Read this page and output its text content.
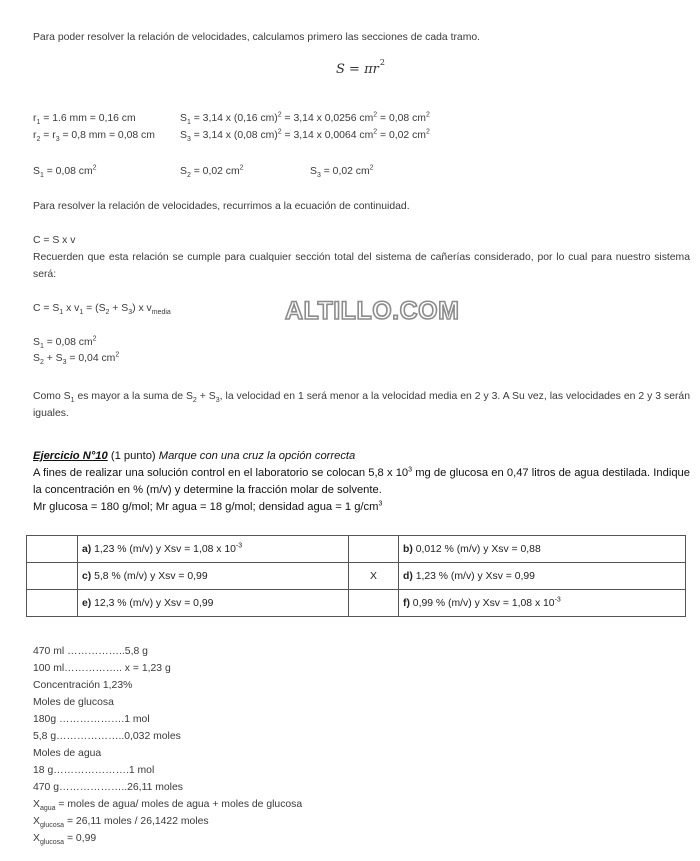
Para poder resolver la relación de velocidades, calculamos primero las secciones de cada tramo.
$S = \pi r^2$
$r_1 = 1.6$ mm = 0,16 cm	$S_1 = 3,14$ x (0,16 cm)$^2$ = 3,14 x 0,0256 $cm^2 = 0,08$ $cm^2$
$r_2 = r_3 = 0,8$ mm = 0,08 cm $S_3 = 3,14$ x (0,08 cm)$^2$ = 3,14 x 0,0064 $cm^2 = 0,02$ $cm^2$
$S_1 = 0,08$ $cm^2$	$S_2 = 0,02$ $cm^2$	$S_3 = 0,02$ $cm^2$
Para resolver la relación de velocidades, recurrimos a la ecuación de continuidad.
C = S x v
Recuerden que esta relación se cumple para cualquier sección total del sistema de cañerías considerado, por lo cual para nuestro sistema será:
$C = S_1$ x $v_1 = (S_2 + S_3)$ x $v_{media}$	ALTILLO.COM
$S_1 = 0,08$ $cm^2$
$S_2 + S_3 = 0,04$ $cm^2$
Como $S_1$ es mayor a la suma de $S_2 + S_3$, la velocidad en 1 será menor a la velocidad media en 2 y 3. A Su vez, las velocidades en 2 y 3 serán iguales.
Ejercicio N°10 (1 punto) Marque con una cruz la opción correcta
A fines de realizar una solución control en el laboratorio se colocan 5,8 x $10^3$ mg de glucosa en 0,47 litros de agua destilada. Indique la concentración en % (m/v) y determine la fracción molar de solvente.
Mr glucosa = 180 g/mol; Mr agua = 18 g/mol; densidad agua = 1 $g/cm^3$
	a) 1,23 % (m/v) y Xsv = 1,08 x $10^{-3}$		b) 0,012 % (m/v) y Xsv = 0,88
	c) 5,8 % (m/v) y Xsv = 0,99	X	d) 1,23 % (m/v) y Xsv = 0,99
	e) 12,3 % (m/v) y Xsv = 0,99		f) 0,99 % (m/v) y Xsv = 1,08 x $10^{-3}$
470 ml ……………..5,8 g
100 ml…………….. x = 1,23 g
Concentración 1,23%
Moles de glucosa
180g ……………….1 mol
5,8 g………………..0,032 moles
Moles de agua
18 g………………….1 mol
470 g………………..26,11 moles
$X_{agua}$ = moles de agua/ moles de agua + moles de glucosa
$X_{glucosa} = 26,11$ moles / 26,1422 moles
$X_{glucosa} = 0,99$
